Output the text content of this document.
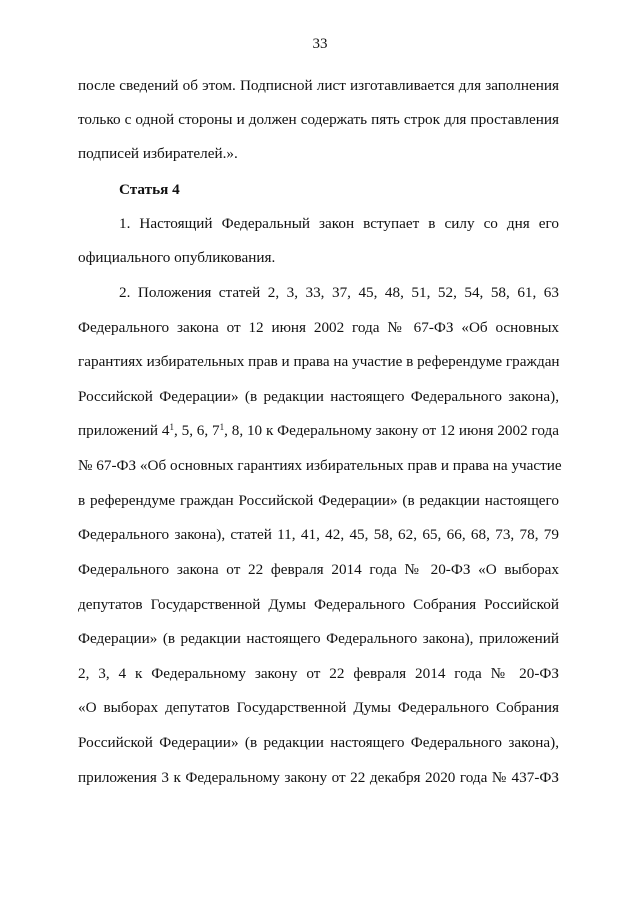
33
после сведений об этом. Подписной лист изготавливается для заполнения
только с одной стороны и должен содержать пять строк для проставления
подписей избирателей.».
Статья 4
1. Настоящий Федеральный закон вступает в силу со дня его
официального опубликования.
2. Положения статей 2, 3, 33, 37, 45, 48, 51, 52, 54, 58, 61, 63
Федерального закона от 12 июня 2002 года № 67-ФЗ «Об основных
гарантиях избирательных прав и права на участие в референдуме граждан
Российской Федерации» (в редакции настоящего Федерального закона),
приложений $4^1$, 5, 6, $7^1$, 8, 10 к Федеральному закону от 12 июня 2002 года
№ 67-ФЗ «Об основных гарантиях избирательных прав и права на участие
в референдуме граждан Российской Федерации» (в редакции настоящего
Федерального закона), статей 11, 41, 42, 45, 58, 62, 65, 66, 68, 73, 78, 79
Федерального закона от 22 февраля 2014 года № 20-ФЗ «О выборах
депутатов Государственной Думы Федерального Собрания Российской
Федерации» (в редакции настоящего Федерального закона), приложений
2, 3, 4 к Федеральному закону от 22 февраля 2014 года № 20-ФЗ
«О выборах депутатов Государственной Думы Федерального Собрания
Российской Федерации» (в редакции настоящего Федерального закона),
приложения 3 к Федеральному закону от 22 декабря 2020 года № 437-ФЗ
